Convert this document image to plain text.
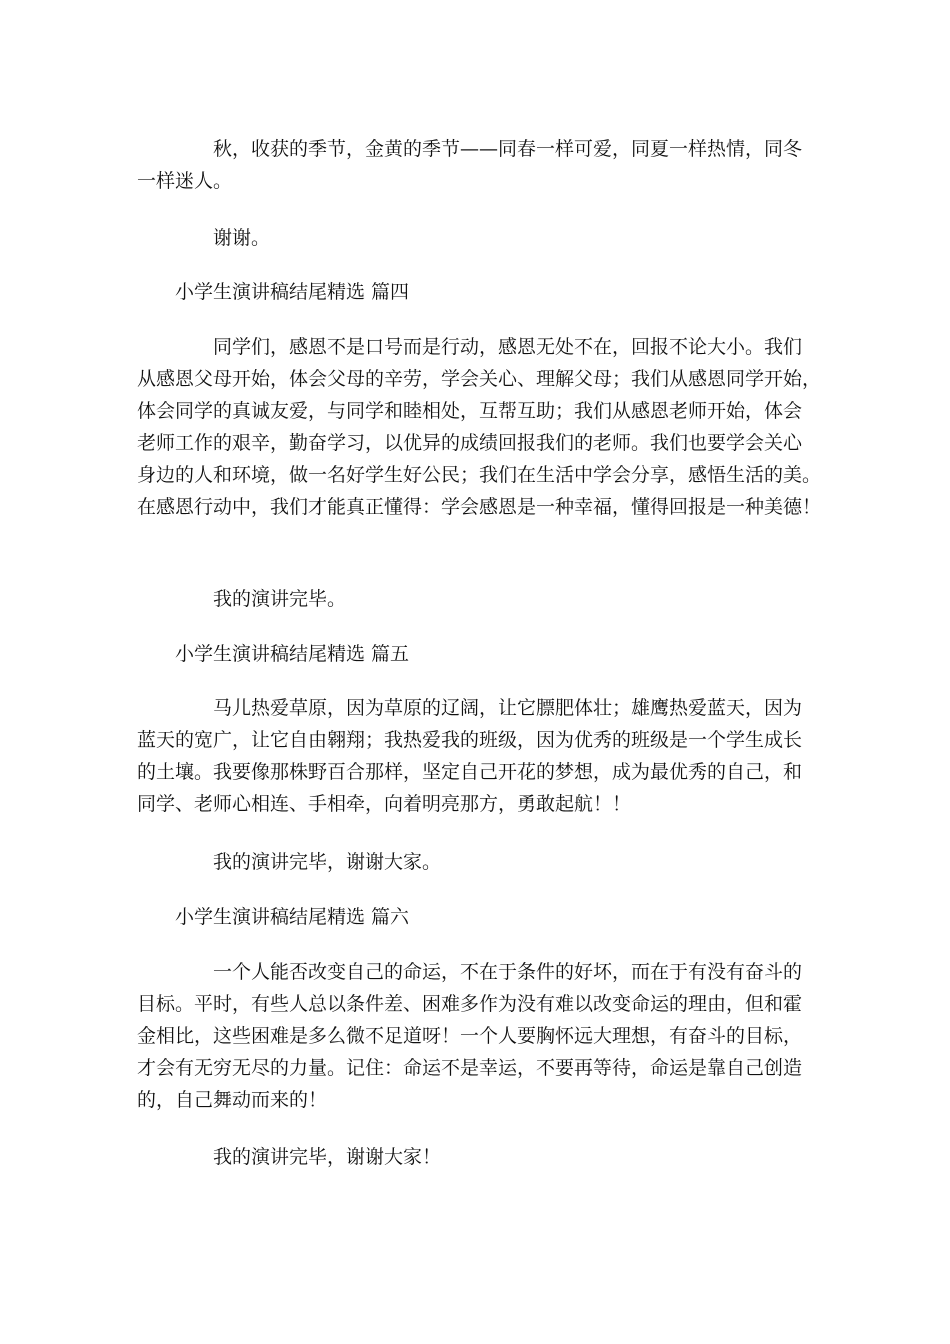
秋，收获的季节，金黄的季节——同春一样可爱，同夏一样热情，同冬
一样迷人。
谢谢。
小学生演讲稿结尾精选 篇四
同学们，感恩不是口号而是行动，感恩无处不在，回报不论大小。我们
从感恩父母开始，体会父母的辛劳，学会关心、理解父母；我们从感恩同学开始，
体会同学的真诚友爱，与同学和睦相处，互帮互助；我们从感恩老师开始，体会
老师工作的艰辛，勤奋学习，以优异的成绩回报我们的老师。我们也要学会关心
身边的人和环境，做一名好学生好公民；我们在生活中学会分享，感悟生活的美。
在感恩行动中，我们才能真正懂得：学会感恩是一种幸福，懂得回报是一种美德！
我的演讲完毕。
小学生演讲稿结尾精选 篇五
马儿热爱草原，因为草原的辽阔，让它膘肥体壮；雄鹰热爱蓝天，因为
蓝天的宽广，让它自由翱翔；我热爱我的班级，因为优秀的班级是一个学生成长
的土壤。我要像那株野百合那样，坚定自己开花的梦想，成为最优秀的自己，和
同学、老师心相连、手相牵，向着明亮那方，勇敢起航！！
我的演讲完毕，谢谢大家。
小学生演讲稿结尾精选 篇六
一个人能否改变自己的命运，不在于条件的好坏，而在于有没有奋斗的
目标。平时，有些人总以条件差、困难多作为没有难以改变命运的理由，但和霍
金相比，这些困难是多么微不足道呀！一个人要胸怀远大理想，有奋斗的目标，
才会有无穷无尽的力量。记住：命运不是幸运，不要再等待，命运是靠自己创造
的，自己舞动而来的！
我的演讲完毕，谢谢大家！
